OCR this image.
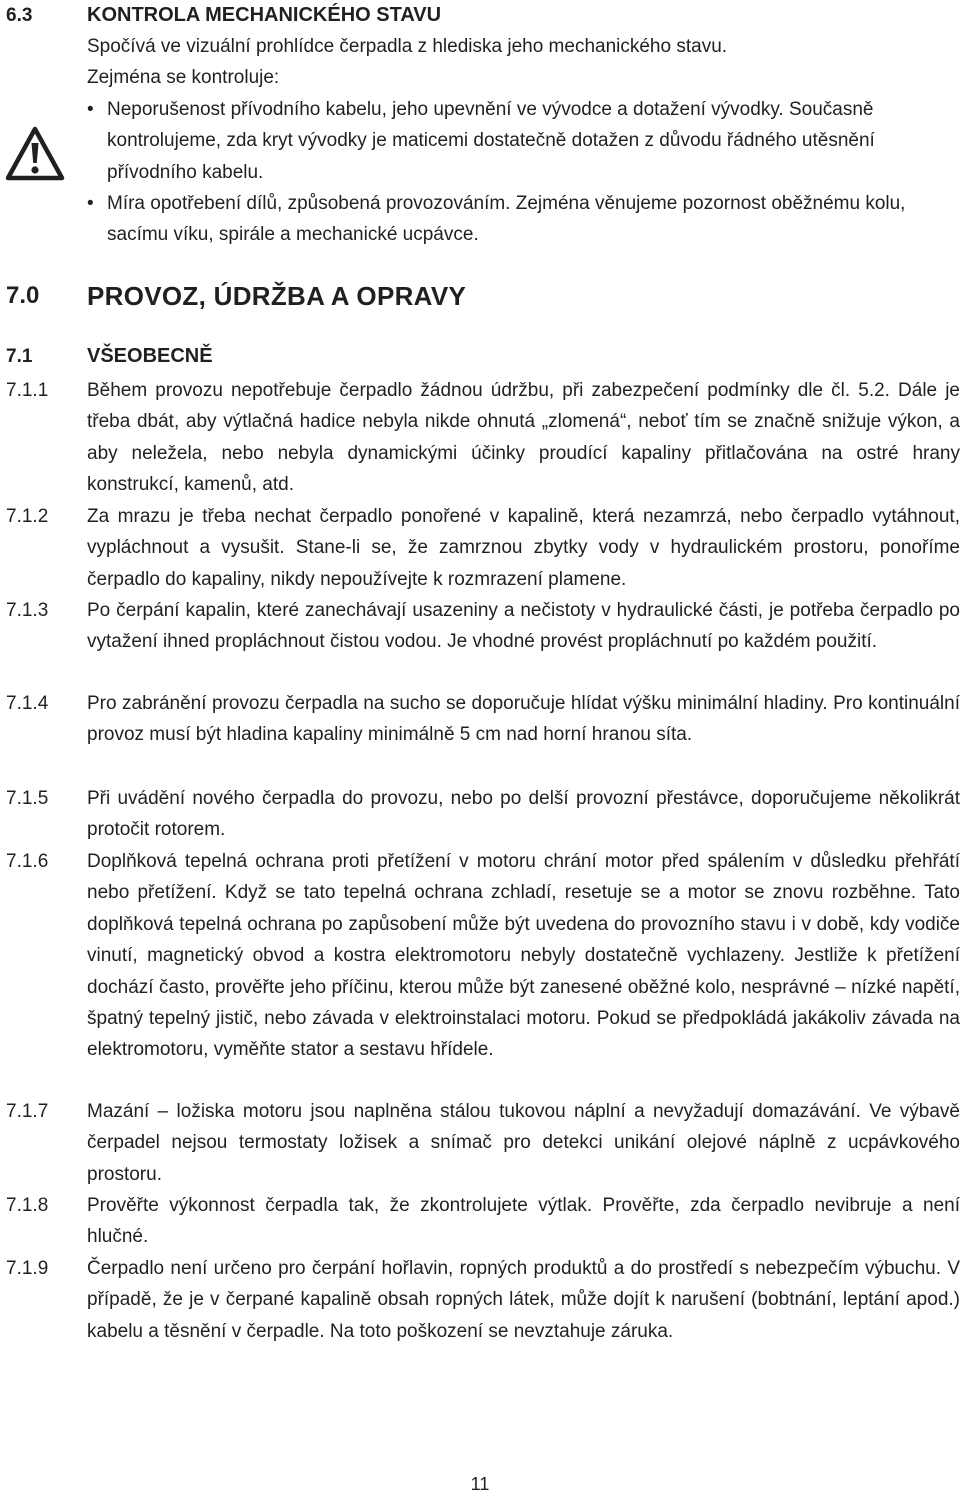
6.3	KONTROLA MECHANICKÉHO STAVU

Spočívá ve vizuální prohlídce čerpadla z hlediska jeho mechanického stavu.

Zejména se kontroluje:

• Neporušenost přívodního kabelu, jeho upevnění ve vývodce a dotažení vývodky. Současně kontrolujeme, zda kryt vývodky je maticemi dostatečně dotažen z důvodu řádného utěsnění přívodního kabelu.
• Míra opotřebení dílů, způsobená provozováním. Zejména věnujeme pozornost oběžnému kolu, sacímu víku, spirále a mechanické ucpávce.
7.0 PROVOZ, ÚDRŽBA A OPRAVY

7.1	VŠEOBECNĚ

7.1.1 Během provozu nepotřebuje čerpadlo žádnou údržbu, při zabezpečení podmínky dle čl. 5.2. Dále je třeba dbát, aby výtlačná hadice nebyla nikde ohnutá „zlomená“, neboť tím se značně snižuje výkon, a aby neležela, nebo nebyla dynamickými účinky proudící kapaliny přitlačována na ostré hrany konstrukcí, kamenů, atd.

7.1.2 Za mrazu je třeba nechat čerpadlo ponořené v kapalině, která nezamrzá, nebo čerpadlo vytáhnout, vypláchnout a vysušit. Stane-li se, že zamrznou zbytky vody v hydraulickém prostoru, ponoříme čerpadlo do kapaliny, nikdy nepoužívejte k rozmrazení plamene.

7.1.3 Po čerpání kapalin, které zanechávají usazeniny a nečistoty v hydraulické části, je potřeba čerpadlo po vytažení ihned propláchnout čistou vodou. Je vhodné provést propláchnutí po každém použití.

7.1.4 Pro zabránění provozu čerpadla na sucho se doporučuje hlídat výšku minimální hladiny. Pro kontinuální provoz musí být hladina kapaliny minimálně 5 cm nad horní hranou síta.

7.1.5 Při uvádění nového čerpadla do provozu, nebo po delší provozní přestávce, doporučujeme několikrát protočit rotorem.

7.1.6 Doplňková tepelná ochrana proti přetížení v motoru chrání motor před spálením v důsledku přehřátí nebo přetížení. Když se tato tepelná ochrana zchladí, resetuje se a motor se znovu rozběhne. Tato doplňková tepelná ochrana po zapůsobení může být uvedena do provozního stavu i v době, kdy vodiče vinutí, magnetický obvod a kostra elektromotoru nebyly dostatečně vychlazeny. Jestliže k přetížení dochází často, prověřte jeho příčinu, kterou může být zanesené oběžné kolo, nesprávné – nízké napětí, špatný tepelný jistič, nebo závada v elektroinstalaci motoru. Pokud se předpokládá jakákoliv závada na elektromotoru, vyměňte stator a sestavu hřídele.

7.1.7 Mazání – ložiska motoru jsou naplněna stálou tukovou náplní a nevyžadují domazávání. Ve výbavě čerpadel nejsou termostaty ložisek a snímač pro detekci unikání olejové náplně z ucpávkového prostoru.

7.1.8 Prověřte výkonnost čerpadla tak, že zkontrolujete výtlak. Prověřte, zda čerpadlo nevibruje a není hlučné.

7.1.9 Čerpadlo není určeno pro čerpání hořlavin, ropných produktů a do prostředí s nebezpečím výbuchu. V případě, že je v čerpané kapalině obsah ropných látek, může dojít k narušení (bobtnání, leptání apod.) kabelu a těsnění v čerpadle. Na toto poškození se nevztahuje záruka.

11
